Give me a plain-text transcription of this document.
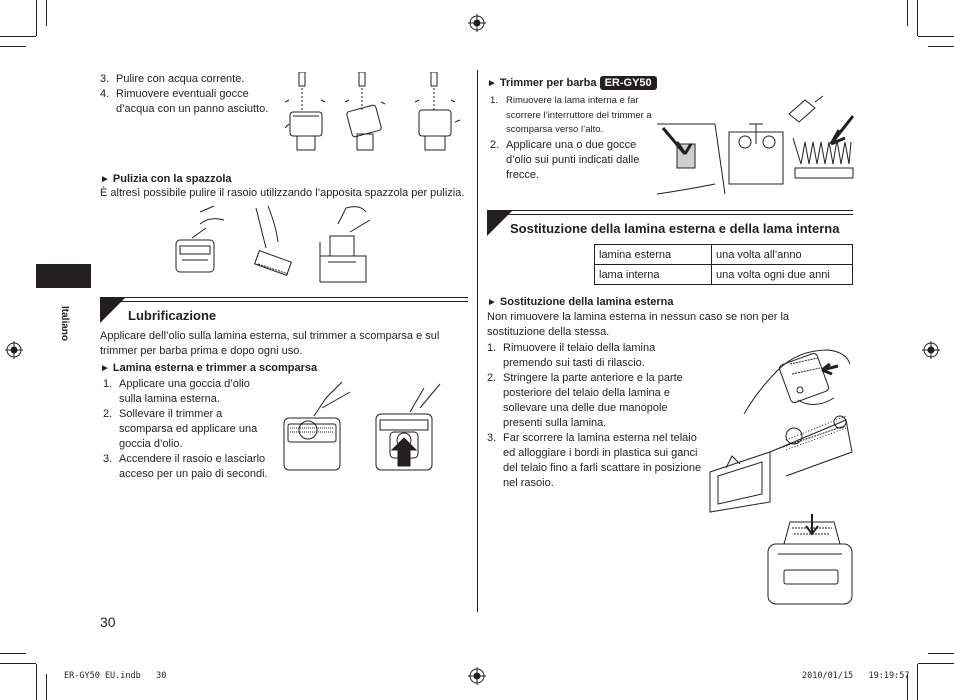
Italiano
3. Pulire con acqua corrente.
4. Rimuovere eventuali gocce d’acqua con un panno asciutto.
► Pulizia con la spazzola
È altresì possibile pulire il rasoio utilizzando l’apposita spazzola per pulizia.
Lubrificazione
Applicare dell’olio sulla lamina esterna, sul trimmer a scomparsa e sul trimmer per barba prima e dopo ogni uso.
► Lamina esterna e trimmer a scomparsa
1. Applicare una goccia d’olio sulla lamina esterna.
2. Sollevare il trimmer a scomparsa ed applicare una goccia d’olio.
3. Accendere il rasoio e lasciarlo acceso per un paio di secondi.
30
► Trimmer per barba ER-GY50
1. Rimuovere la lama interna e far scorrere l’interruttore del trimmer a scomparsa verso l’alto.
2. Applicare una o due gocce d’olio sui punti indicati dalle frecce.
Sostituzione della lamina esterna e della lama interna
lamina esterna	una volta all’anno
lama interna	una volta ogni due anni
► Sostituzione della lamina esterna
Non rimuovere la lamina esterna in nessun caso se non per la sostituzione della stessa.
1. Rimuovere il telaio della lamina premendo sui tasti di rilascio.
2. Stringere la parte anteriore e la parte posteriore del telaio della lamina e sollevare una delle due manopole presenti sulla lamina.
3. Far scorrere la lamina esterna nel telaio ed alloggiare i bordi in plastica sui ganci del telaio fino a farli scattare in posizione nel rasoio.
ER-GY50 EU.indb   30	2010/01/15   19:19:57
